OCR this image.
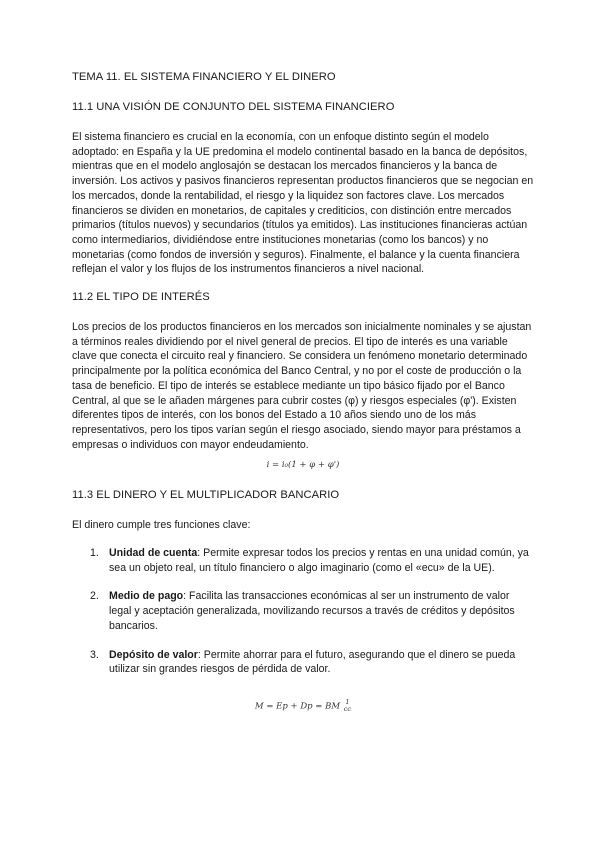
TEMA 11. EL SISTEMA FINANCIERO Y EL DINERO

11.1 UNA VISIÓN DE CONJUNTO DEL SISTEMA FINANCIERO

El sistema financiero es crucial en la economía, con un enfoque distinto según el modelo adoptado: en España y la UE predomina el modelo continental basado en la banca de depósitos, mientras que en el modelo anglosajón se destacan los mercados financieros y la banca de inversión. Los activos y pasivos financieros representan productos financieros que se negocian en los mercados, donde la rentabilidad, el riesgo y la liquidez son factores clave. Los mercados financieros se dividen en monetarios, de capitales y crediticios, con distinción entre mercados primarios (títulos nuevos) y secundarios (títulos ya emitidos). Las instituciones financieras actúan como intermediarios, dividiéndose entre instituciones monetarias (como los bancos) y no monetarias (como fondos de inversión y seguros). Finalmente, el balance y la cuenta financiera reflejan el valor y los flujos de los instrumentos financieros a nivel nacional.

11.2 EL TIPO DE INTERÉS

Los precios de los productos financieros en los mercados son inicialmente nominales y se ajustan a términos reales dividiendo por el nivel general de precios. El tipo de interés es una variable clave que conecta el circuito real y financiero. Se considera un fenómeno monetario determinado principalmente por la política económica del Banco Central, y no por el coste de producción o la tasa de beneficio. El tipo de interés se establece mediante un tipo básico fijado por el Banco Central, al que se le añaden márgenes para cubrir costes (φ) y riesgos especiales (φ'). Existen diferentes tipos de interés, con los bonos del Estado a 10 años siendo uno de los más representativos, pero los tipos varían según el riesgo asociado, siendo mayor para préstamos a empresas o individuos con mayor endeudamiento.

i = i₀(1 + φ + φ')

11.3 EL DINERO Y EL MULTIPLICADOR BANCARIO

El dinero cumple tres funciones clave:

1. Unidad de cuenta: Permite expresar todos los precios y rentas en una unidad común, ya sea un objeto real, un título financiero o algo imaginario (como el «ecu» de la UE).
2. Medio de pago: Facilita las transacciones económicas al ser un instrumento de valor legal y aceptación generalizada, movilizando recursos a través de créditos y depósitos bancarios.
3. Depósito de valor: Permite ahorrar para el futuro, asegurando que el dinero se pueda utilizar sin grandes riesgos de pérdida de valor.

M = Ep + Dp = BM 1
cc
